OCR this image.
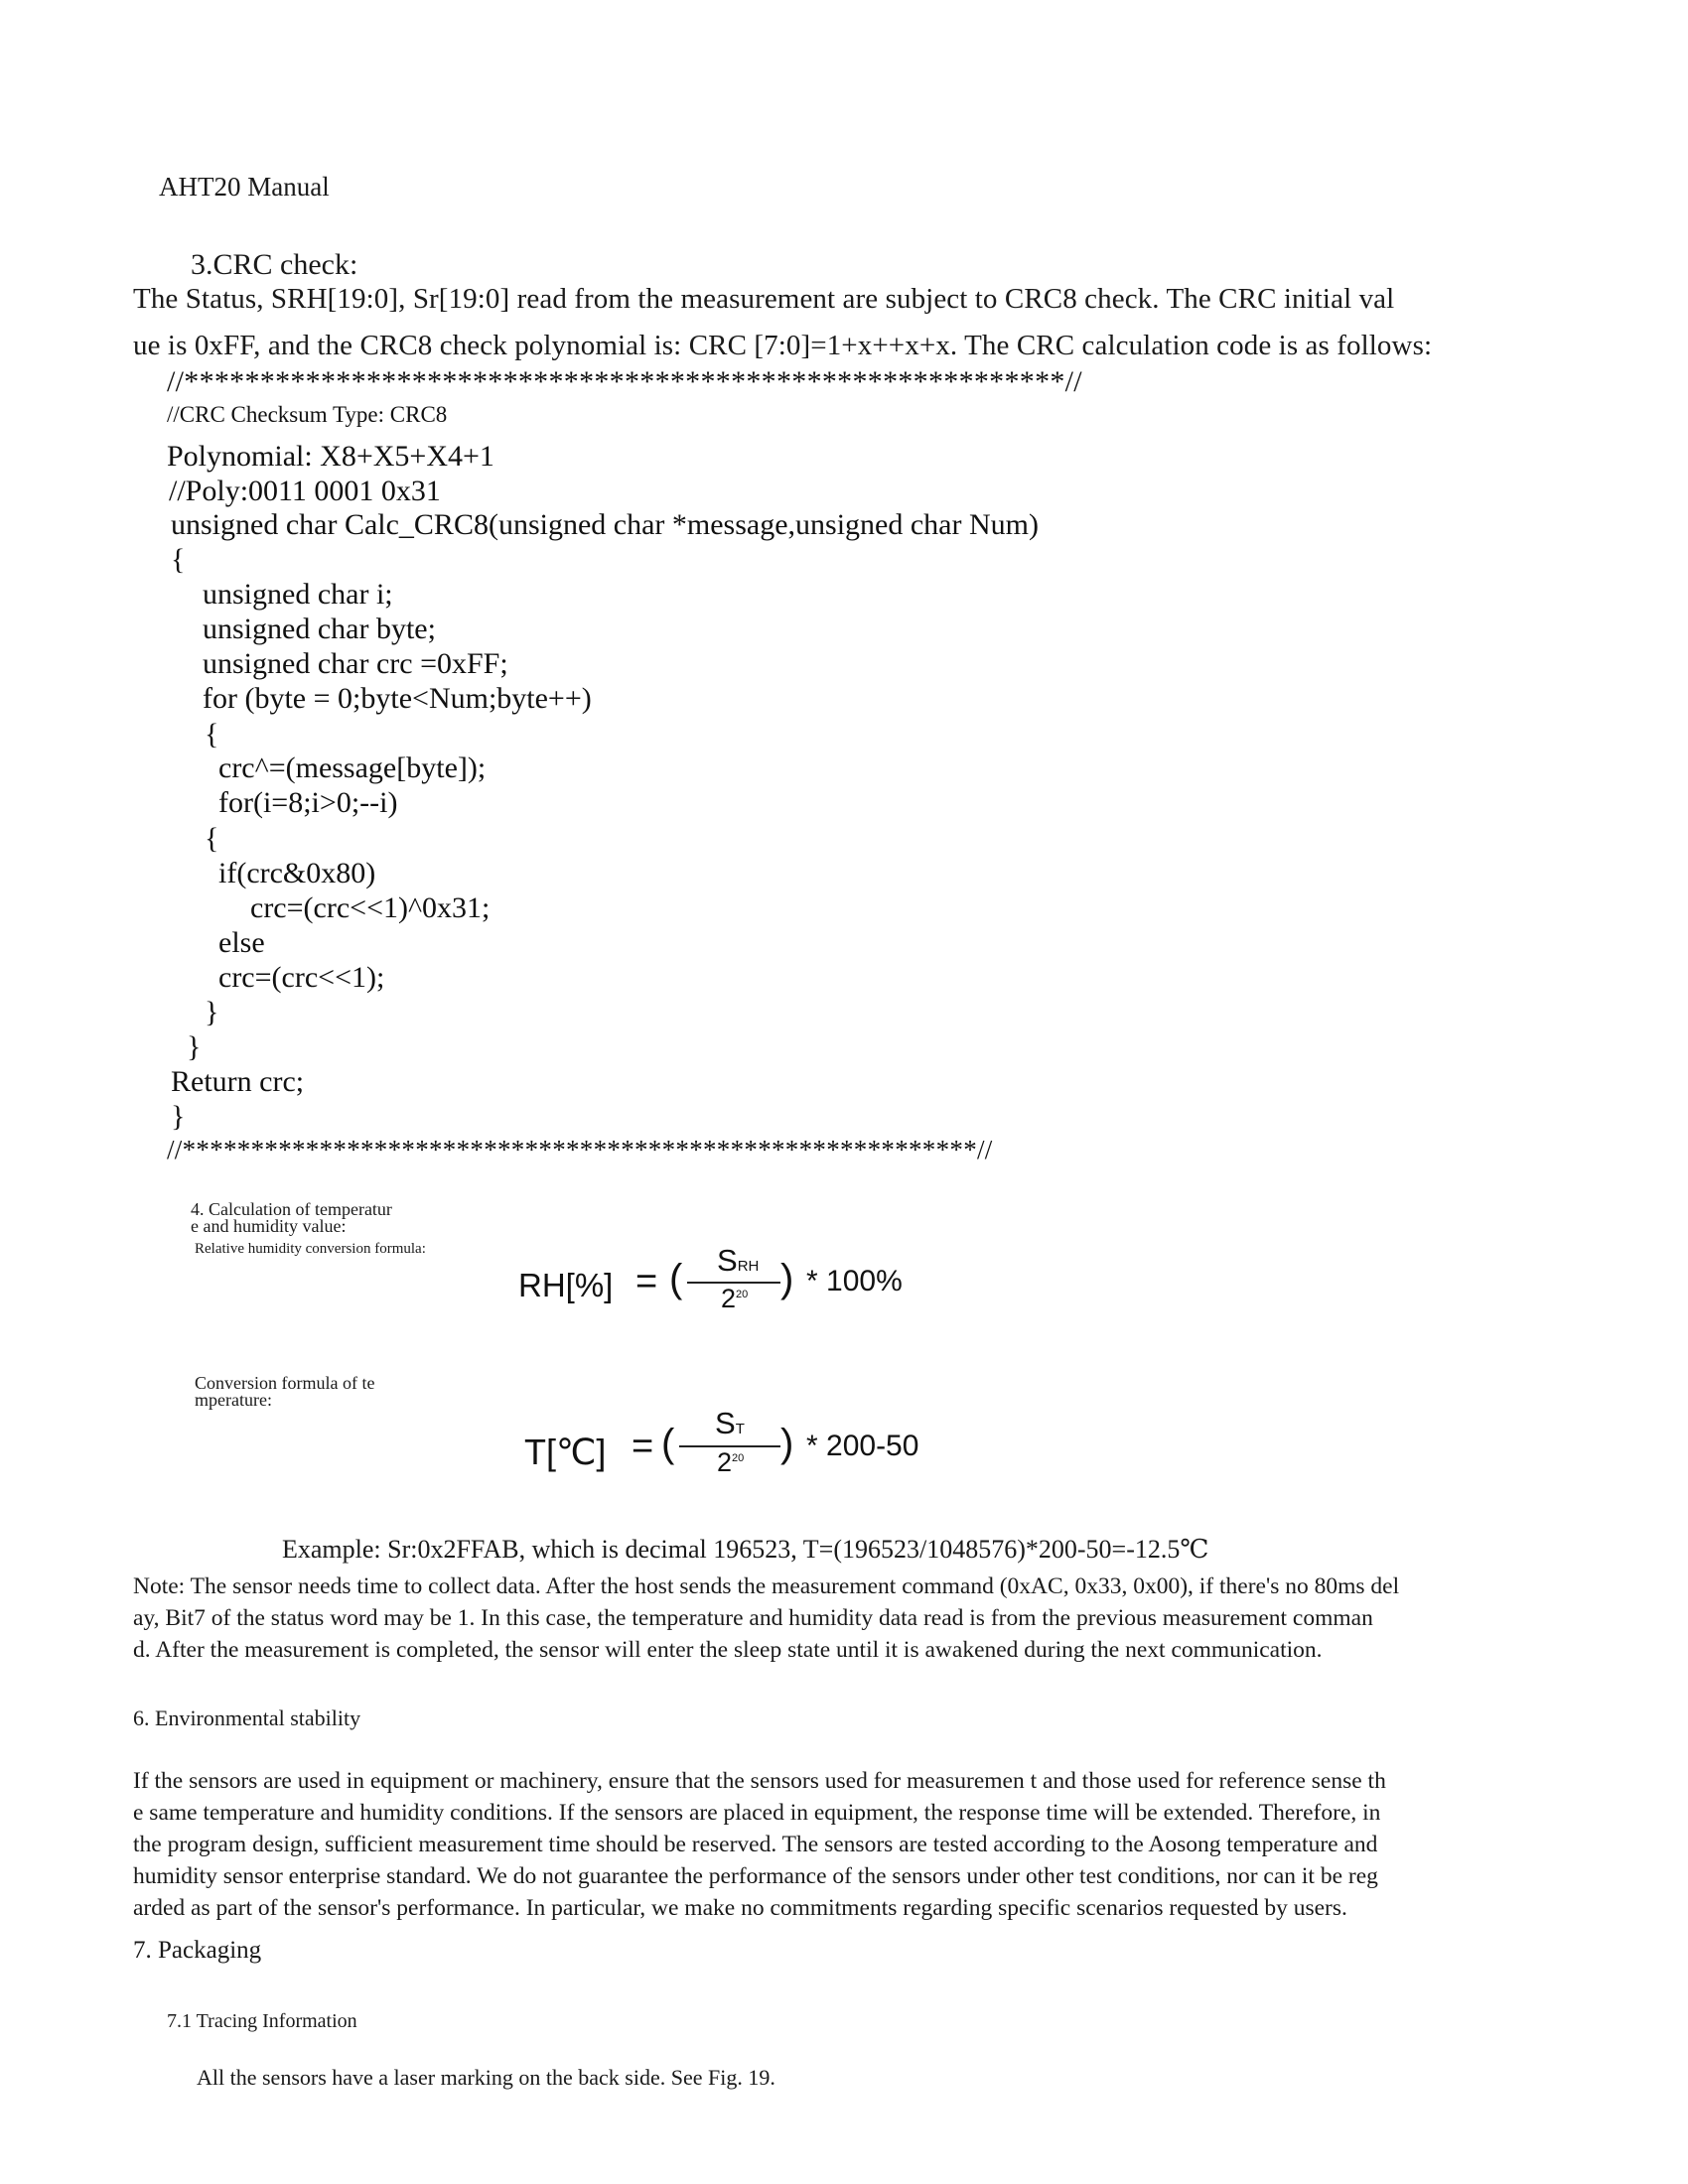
AHT20 Manual
3.CRC check:
The Status, SRH[19:0], Sr[19:0] read from the measurement are subject to CRC8 check. The CRC initial val
ue is 0xFF, and the CRC8 check polynomial is: CRC [7:0]=1+x++x+x. The CRC calculation code is as follows:
//**********************************************************//
//CRC Checksum Type: CRC8
Polynomial: X8+X5+X4+1
//Poly:0011 0001 0x31
unsigned char Calc_CRC8(unsigned char *message,unsigned char Num)
{
unsigned char i;
unsigned char byte;
unsigned char crc =0xFF;
for (byte = 0;byte<Num;byte++)
{
crc^=(message[byte]);
for(i=8;i>0;--i)
{
if(crc&0x80)
crc=(crc<<1)^0x31;
else
crc=(crc<<1);
}
}
Return crc;
}
//**********************************************************//
4. Calculation of temperatur
e and humidity value:
Relative humidity conversion formula:
RH[%] = ( SRH
$2^{20}$ ) * 100%
Conversion formula of te
mperature:
T[℃] = ( ST
$2^{20}$ ) * 200-50
Example: Sr:0x2FFAB, which is decimal 196523, T=(196523/1048576)*200-50=-12.5℃
Note: The sensor needs time to collect data. After the host sends the measurement command (0xAC, 0x33, 0x00), if there's no 80ms del
ay, Bit7 of the status word may be 1. In this case, the temperature and humidity data read is from the previous measurement comman
d. After the measurement is completed, the sensor will enter the sleep state until it is awakened during the next communication.
6. Environmental stability
If the sensors are used in equipment or machinery, ensure that the sensors used for measuremen t and those used for reference sense th
e same temperature and humidity conditions. If the sensors are placed in equipment, the response time will be extended. Therefore, in
the program design, sufficient measurement time should be reserved. The sensors are tested according to the Aosong temperature and
humidity sensor enterprise standard. We do not guarantee the performance of the sensors under other test conditions, nor can it be reg
arded as part of the sensor's performance. In particular, we make no commitments regarding specific scenarios requested by users.
7. Packaging
7.1 Tracing Information
All the sensors have a laser marking on the back side. See Fig. 19.
